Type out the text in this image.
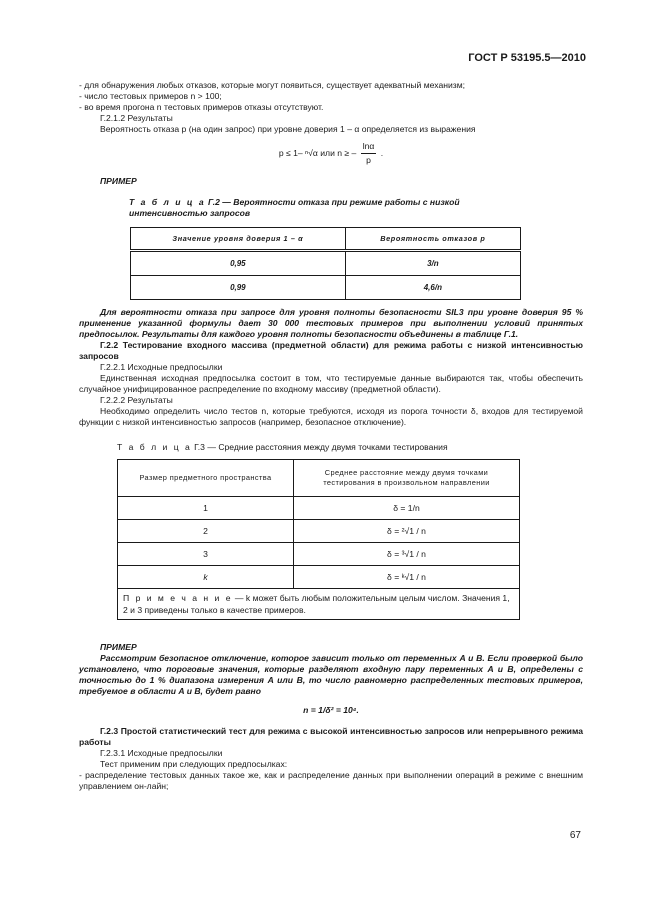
ГОСТ Р 53195.5—2010

- для обнаружения любых отказов, которые могут появиться, существует адекватный механизм;

- число тестовых примеров n > 100;

- во время прогона n тестовых примеров отказы отсутствуют.

Г.2.1.2 Результаты

Вероятность отказа p (на один запрос) при уровне доверия 1 – α определяется из выражения

p ≤ 1– ⁿ√α или n ≥ – $\frac{\ln\alpha}{p}$ .

ПРИМЕР

Т а б л и ц а Г.2 — Вероятности отказа при режиме работы с низкой интенсивностью запросов

Значение уровня доверия 1 – α	Вероятность отказов p
0,95	3/n
0,99	4,6/n

Для вероятности отказа при запросе для уровня полноты безопасности SIL3 при уровне доверия 95 % применение указанной формулы дает 30 000 тестовых примеров при выполнении условий принятых предпосылок. Результаты для каждого уровня полноты безопасности объединены в таблице Г.1.

Г.2.2 Тестирование входного массива (предметной области) для режима работы с низкой интенсивностью запросов

Г.2.2.1 Исходные предпосылки

Единственная исходная предпосылка состоит в том, что тестируемые данные выбираются так, чтобы обеспечить случайное унифицированное распределение по входному массиву (предметной области).

Г.2.2.2 Результаты

Необходимо определить число тестов n, которые требуются, исходя из порога точности δ, входов для тестируемой функции с низкой интенсивностью запросов (например, безопасное отключение).

Т а б л и ц а Г.3 — Средние расстояния между двумя точками тестирования

Размер предметного пространства	Среднее расстояние между двумя точками тестирования в произвольном направлении
1	δ = 1/n
2	δ = ²√1 / n
3	δ = ³√1 / n
k	δ = ᵏ√1 / n
П р и м е ч а н и е — k может быть любым положительным целым числом. Значения 1, 2 и 3 приведены только в качестве примеров.	

ПРИМЕР

Рассмотрим безопасное отключение, которое зависит только от переменных A и B. Если проверкой было установлено, что пороговые значения, которые разделяют входную пару переменных A и B, определены с точностью до 1 % диапазона измерения A или B, то число равномерно распределенных тестовых примеров, требуемое в области A и B, будет равно

n = 1/δ² = 10⁴.

Г.2.3 Простой статистический тест для режима с высокой интенсивностью запросов или непрерывного режима работы

Г.2.3.1 Исходные предпосылки

Тест применим при следующих предпосылках:

- распределение тестовых данных такое же, как и распределение данных при выполнении операций в режиме с внешним управлением он-лайн;

67
